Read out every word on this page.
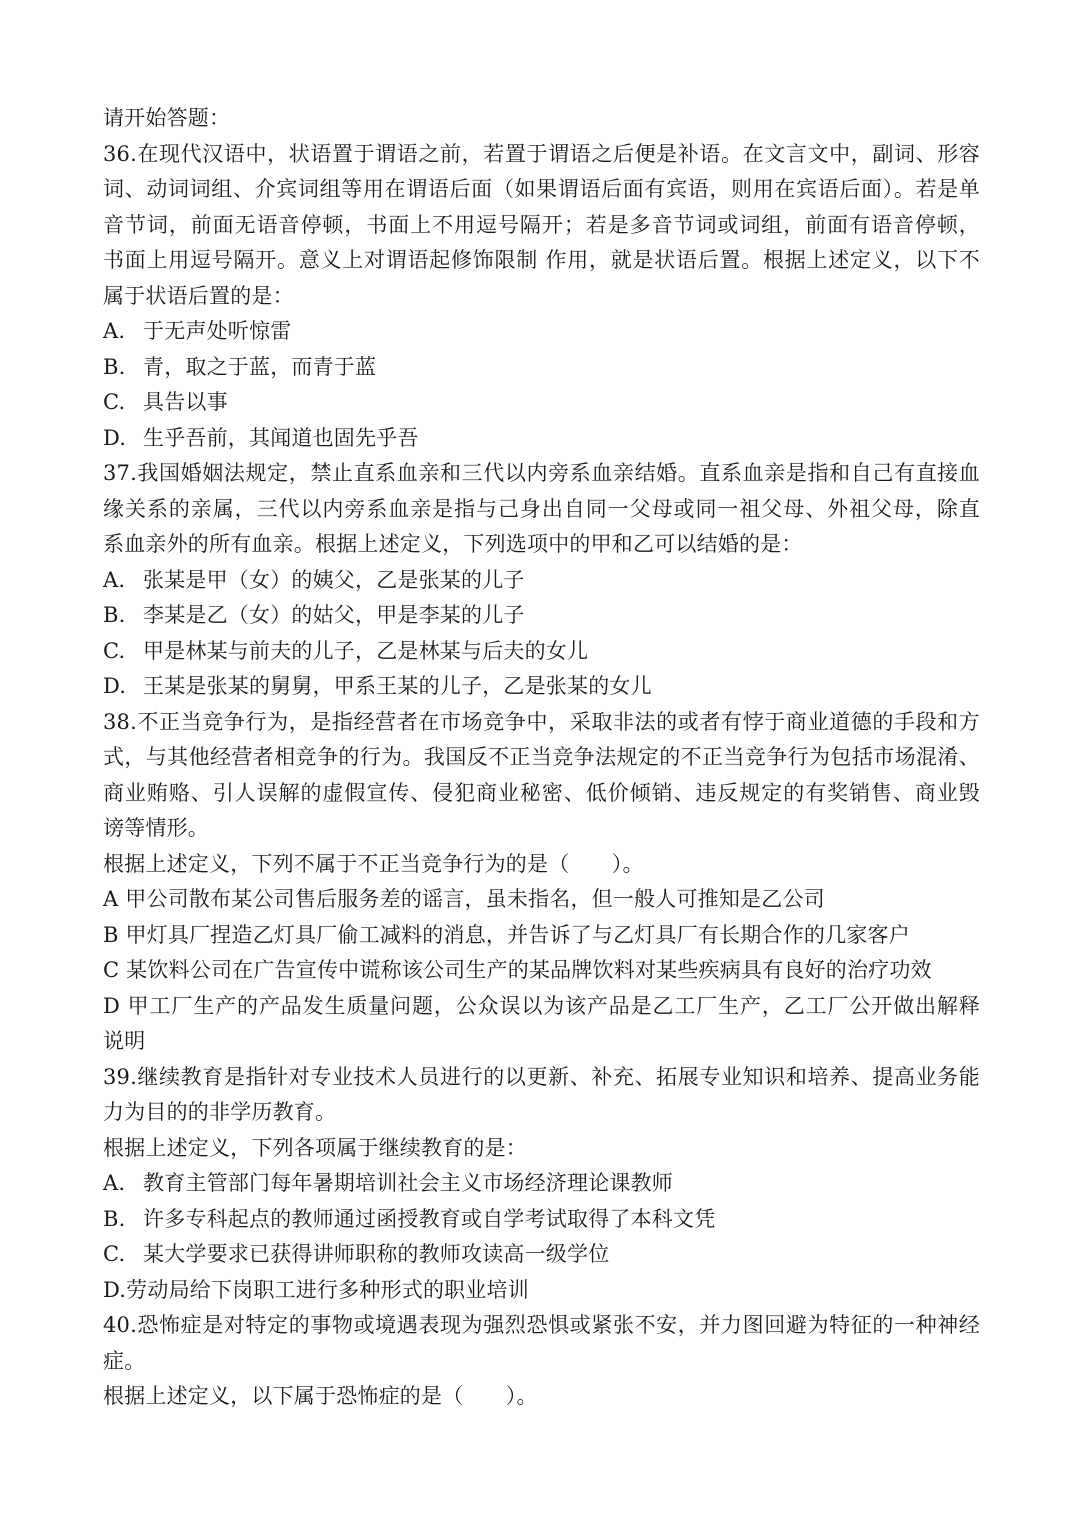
请开始答题：

36.在现代汉语中，状语置于谓语之前，若置于谓语之后便是补语。在文言文中，副词、形容

词、动词词组、介宾词组等用在谓语后面（如果谓语后面有宾语，则用在宾语后面）。若是单

音节词，前面无语音停顿，书面上不用逗号隔开；若是多音节词或词组，前面有语音停顿，

书面上用逗号隔开。意义上对谓语起修饰限制 作用，就是状语后置。根据上述定义，以下不

属于状语后置的是：

A. 于无声处听惊雷
B. 青，取之于蓝，而青于蓝
C. 具告以事
D. 生乎吾前，其闻道也固先乎吾

37.我国婚姻法规定，禁止直系血亲和三代以内旁系血亲结婚。直系血亲是指和自己有直接血

缘关系的亲属，三代以内旁系血亲是指与己身出自同一父母或同一祖父母、外祖父母，除直

系血亲外的所有血亲。根据上述定义，下列选项中的甲和乙可以结婚的是：

A. 张某是甲（女）的姨父，乙是张某的儿子
B. 李某是乙（女）的姑父，甲是李某的儿子
C. 甲是林某与前夫的儿子，乙是林某与后夫的女儿
D. 王某是张某的舅舅，甲系王某的儿子，乙是张某的女儿

38.不正当竞争行为，是指经营者在市场竞争中，采取非法的或者有悖于商业道德的手段和方

式，与其他经营者相竞争的行为。我国反不正当竞争法规定的不正当竞争行为包括市场混淆、

商业贿赂、引人误解的虚假宣传、侵犯商业秘密、低价倾销、违反规定的有奖销售、商业毁

谤等情形。

根据上述定义，下列不属于不正当竞争行为的是（　　）。

A 甲公司散布某公司售后服务差的谣言，虽未指名，但一般人可推知是乙公司

B 甲灯具厂捏造乙灯具厂偷工减料的消息，并告诉了与乙灯具厂有长期合作的几家客户

C 某饮料公司在广告宣传中谎称该公司生产的某品牌饮料对某些疾病具有良好的治疗功效

D 甲工厂生产的产品发生质量问题，公众误以为该产品是乙工厂生产，乙工厂公开做出解释

说明

39.继续教育是指针对专业技术人员进行的以更新、补充、拓展专业知识和培养、提高业务能

力为目的的非学历教育。

根据上述定义，下列各项属于继续教育的是：

A. 教育主管部门每年暑期培训社会主义市场经济理论课教师
B. 许多专科起点的教师通过函授教育或自学考试取得了本科文凭
C. 某大学要求已获得讲师职称的教师攻读高一级学位

D.劳动局给下岗职工进行多种形式的职业培训

40.恐怖症是对特定的事物或境遇表现为强烈恐惧或紧张不安，并力图回避为特征的一种神经

症。

根据上述定义，以下属于恐怖症的是（　　）。
